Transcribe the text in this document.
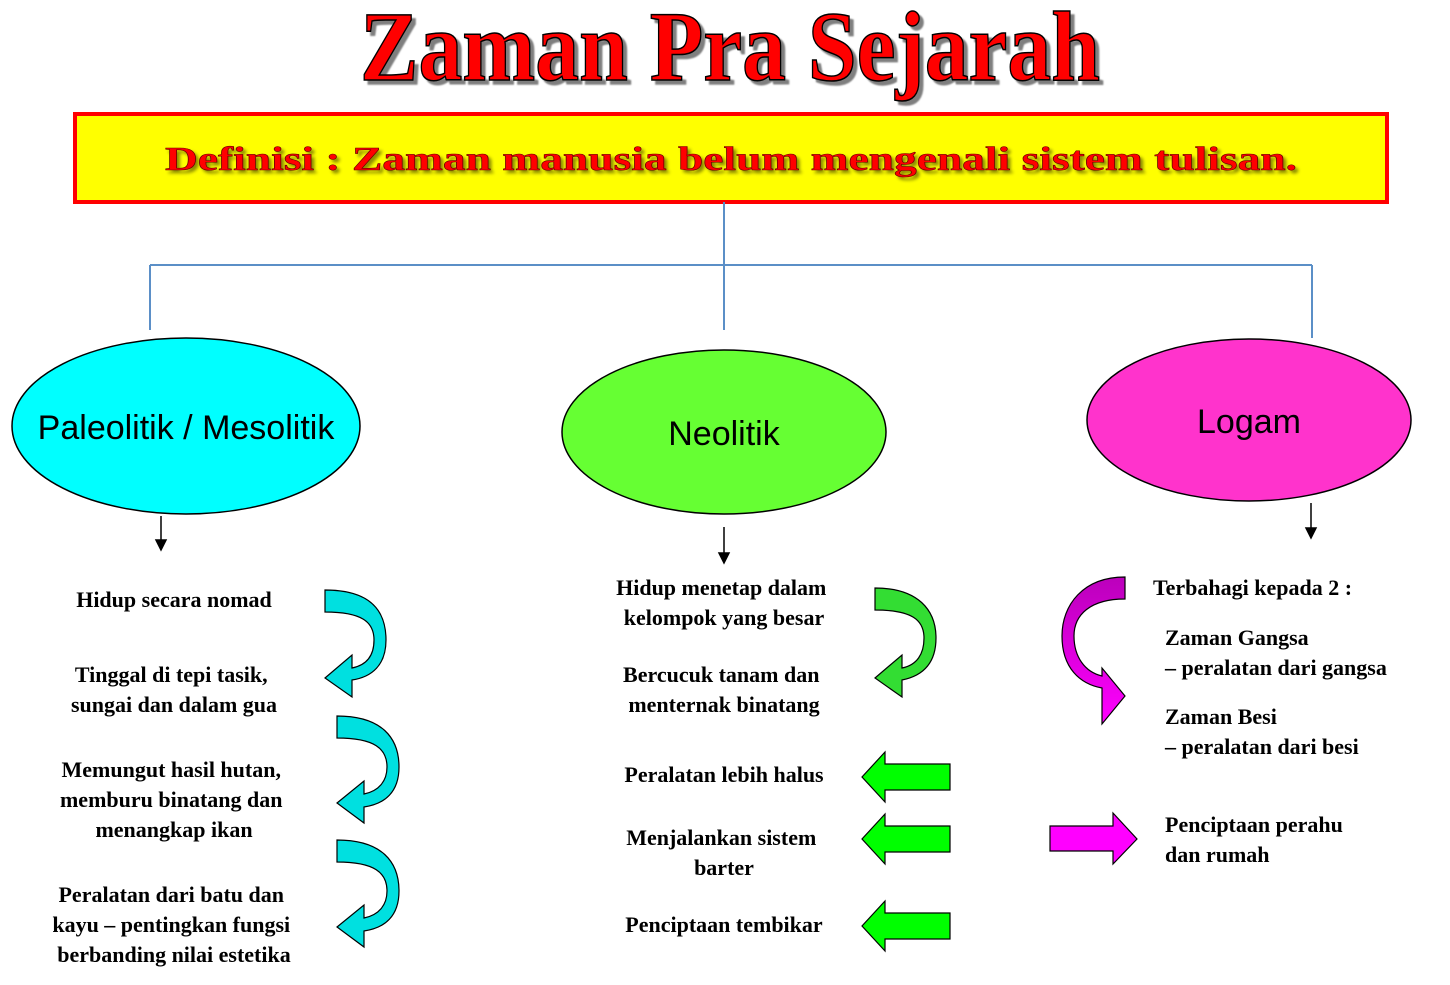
Zaman Pra Sejarah
Definisi : Zaman manusia belum mengenali sistem tulisan.
Paleolitik / Mesolitik	Neolitik	Logam
Hidup secara nomad
Tinggal di tepi tasik, sungai dan dalam gua
Memungut hasil hutan, memburu binatang dan menangkap ikan
Peralatan dari batu dan kayu – pentingkan fungsi berbanding nilai estetika
Hidup menetap dalam kelompok yang besar
Bercucuk tanam dan menternak binatang
Peralatan lebih halus
Menjalankan sistem barter
Penciptaan tembikar
Terbahagi kepada 2 :
Zaman Gangsa – peralatan dari gangsa
Zaman Besi – peralatan dari besi
Penciptaan perahu dan rumah
